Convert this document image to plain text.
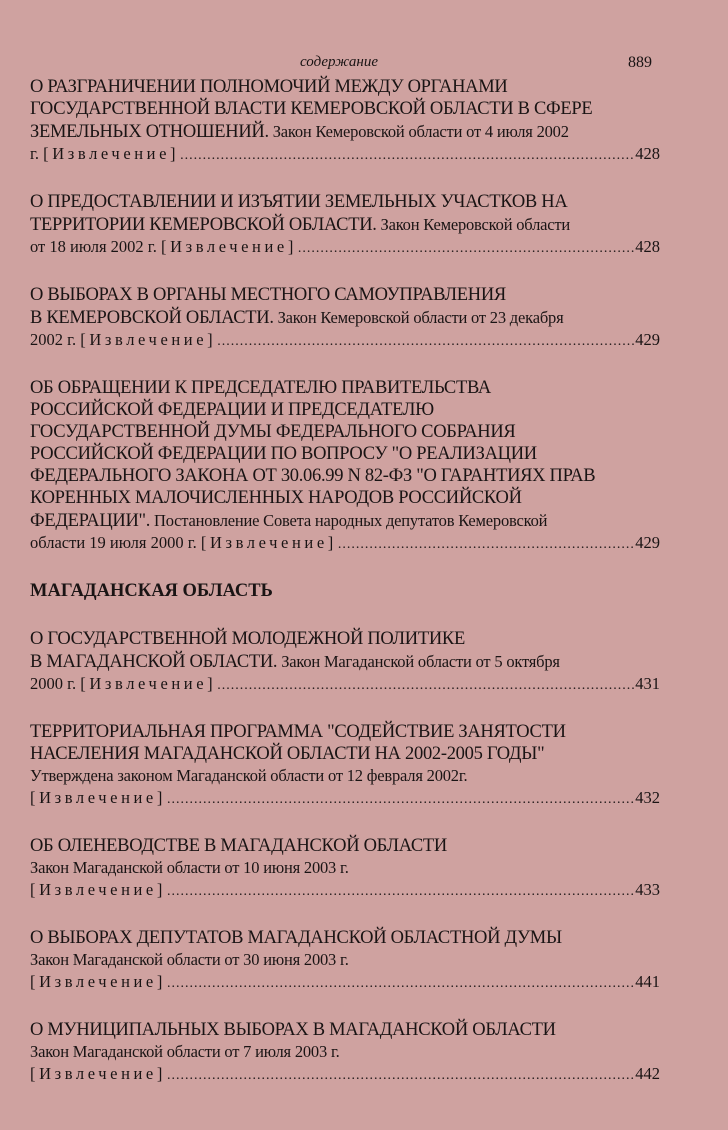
содержание	889
О РАЗГРАНИЧЕНИИ ПОЛНОМОЧИЙ МЕЖДУ ОРГАНАМИ
ГОСУДАРСТВЕННОЙ ВЛАСТИ КЕМЕРОВСКОЙ ОБЛАСТИ В СФЕРЕ
ЗЕМЕЛЬНЫХ ОТНОШЕНИЙ. Закон Кемеровской области от 4 июля 2002
г. [Извлечение] .....	428
О ПРЕДОСТАВЛЕНИИ И ИЗЪЯТИИ ЗЕМЕЛЬНЫХ УЧАСТКОВ НА
ТЕРРИТОРИИ КЕМЕРОВСКОЙ ОБЛАСТИ. Закон Кемеровской области
от 18 июля 2002 г. [Извлечение] .....	428
О ВЫБОРАХ В ОРГАНЫ МЕСТНОГО САМОУПРАВЛЕНИЯ
В КЕМЕРОВСКОЙ ОБЛАСТИ. Закон Кемеровской области от 23 декабря
2002 г. [Извлечение] .....	429
ОБ ОБРАЩЕНИИ К ПРЕДСЕДАТЕЛЮ ПРАВИТЕЛЬСТВА
РОССИЙСКОЙ ФЕДЕРАЦИИ И ПРЕДСЕДАТЕЛЮ
ГОСУДАРСТВЕННОЙ ДУМЫ ФЕДЕРАЛЬНОГО СОБРАНИЯ
РОССИЙСКОЙ ФЕДЕРАЦИИ ПО ВОПРОСУ "О РЕАЛИЗАЦИИ
ФЕДЕРАЛЬНОГО ЗАКОНА ОТ 30.06.99 N 82-ФЗ "О ГАРАНТИЯХ ПРАВ
КОРЕННЫХ МАЛОЧИСЛЕННЫХ НАРОДОВ РОССИЙСКОЙ
ФЕДЕРАЦИИ". Постановление Совета народных депутатов Кемеровской
области 19 июля 2000 г. [Извлечение] .....	429
МАГАДАНСКАЯ ОБЛАСТЬ
О ГОСУДАРСТВЕННОЙ МОЛОДЕЖНОЙ ПОЛИТИКЕ
В МАГАДАНСКОЙ ОБЛАСТИ. Закон Магаданской области от 5 октября
2000 г. [Извлечение] .....	431
ТЕРРИТОРИАЛЬНАЯ ПРОГРАММА "СОДЕЙСТВИЕ ЗАНЯТОСТИ
НАСЕЛЕНИЯ МАГАДАНСКОЙ ОБЛАСТИ НА 2002-2005 ГОДЫ"
Утверждена законом Магаданской области от 12 февраля 2002г.
[Извлечение] .....	432
ОБ ОЛЕНЕВОДСТВЕ В МАГАДАНСКОЙ ОБЛАСТИ
Закон Магаданской области от 10 июня 2003 г.
[Извлечение] .....	433
О ВЫБОРАХ ДЕПУТАТОВ МАГАДАНСКОЙ ОБЛАСТНОЙ ДУМЫ
Закон Магаданской области от 30 июня 2003 г.
[Извлечение] .....	441
О МУНИЦИПАЛЬНЫХ ВЫБОРАХ В МАГАДАНСКОЙ ОБЛАСТИ
Закон Магаданской области от 7 июля 2003 г.
[Извлечение] .....	442
